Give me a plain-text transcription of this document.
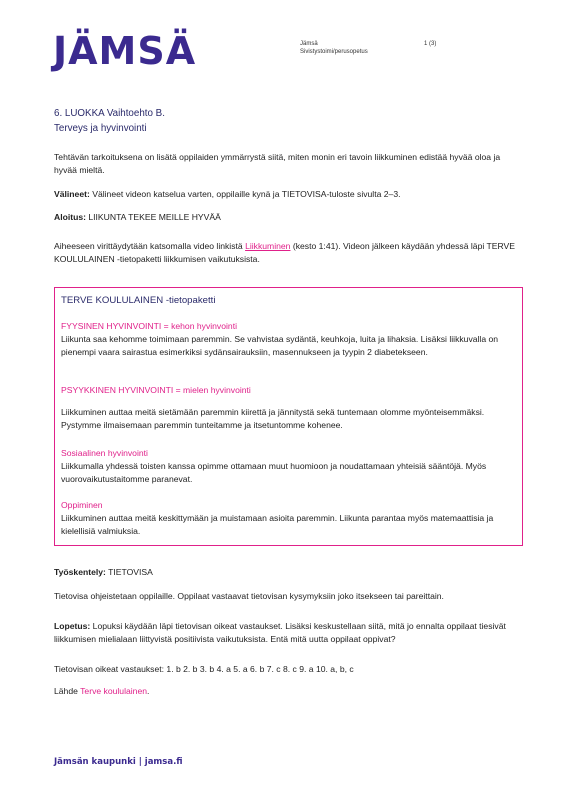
JÄMSÄ	Jämsä
Sivistystoimi/perusopetus
1 (3)
6. LUOKKA Vaihtoehto B.
Terveys ja hyvinvointi

Tehtävän tarkoituksena on lisätä oppilaiden ymmärrystä siitä, miten monin eri tavoin liikkuminen edistää hyvää oloa ja hyvää mieltä.

Välineet: Välineet videon katselua varten, oppilaille kynä ja TIETOVISA-tuloste sivulta 2–3.

Aloitus: LIIKUNTA TEKEE MEILLE HYVÄÄ

Aiheeseen virittäydytään katsomalla video linkistä Liikkuminen (kesto 1:41). Videon jälkeen käydään yhdessä läpi TERVE KOULULAINEN -tietopaketti liikkumisen vaikutuksista.

TERVE KOULULAINEN -tietopaketti
FYYSINEN HYVINVOINTI = kehon hyvinvointi
Liikunta saa kehomme toimimaan paremmin. Se vahvistaa sydäntä, keuhkoja, luita ja lihaksia. Lisäksi liikkuvalla on pienempi vaara sairastua esimerkiksi sydänsairauksiin, masennukseen ja tyypin 2 diabetekseen.
PSYYKKINEN HYVINVOINTI = mielen hyvinvointi
Liikkuminen auttaa meitä sietämään paremmin kiirettä ja jännitystä sekä tuntemaan olomme myönteisemmäksi. Pystymme ilmaisemaan paremmin tunteitamme ja itsetuntomme kohenee.
Sosiaalinen hyvinvointi
Liikkumalla yhdessä toisten kanssa opimme ottamaan muut huomioon ja noudattamaan yhteisiä sääntöjä. Myös vuorovaikutustaitomme paranevat.
Oppiminen
Liikkuminen auttaa meitä keskittymään ja muistamaan asioita paremmin. Liikunta parantaa myös matemaattisia ja kielellisiä valmiuksia.

Työskentely: TIETOVISA

Tietovisa ohjeistetaan oppilaille. Oppilaat vastaavat tietovisan kysymyksiin joko itsekseen tai pareittain.

Lopetus: Lopuksi käydään läpi tietovisan oikeat vastaukset. Lisäksi keskustellaan siitä, mitä jo ennalta oppilaat tiesivät liikkumisen mielialaan liittyvistä positiivista vaikutuksista. Entä mitä uutta oppilaat oppivat?

Tietovisan oikeat vastaukset: 1. b 2. b 3. b 4. a 5. a 6. b 7. c 8. c 9. a 10. a, b, c

Lähde Terve koululainen.

Jämsän kaupunki | jamsa.fi
